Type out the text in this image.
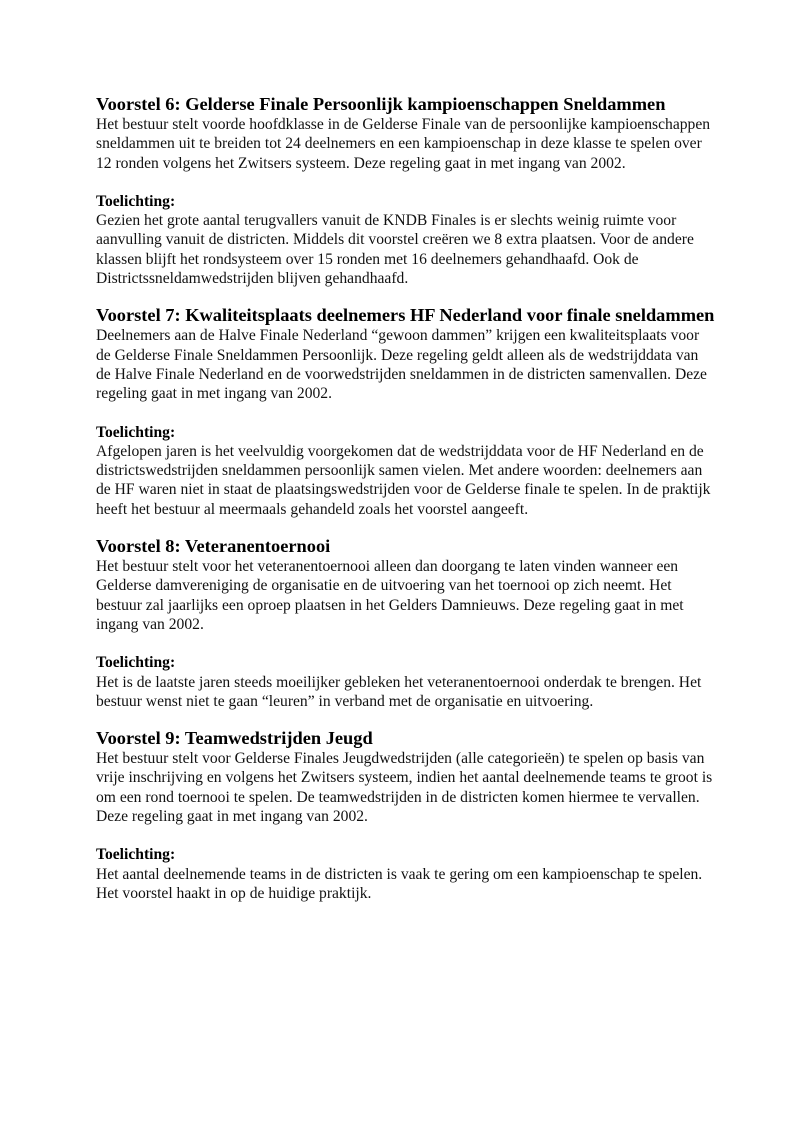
Voorstel 6: Gelderse Finale Persoonlijk kampioenschappen Sneldammen

Het bestuur stelt voorde hoofdklasse in de Gelderse Finale van de persoonlijke kampioenschappen sneldammen uit te breiden tot 24 deelnemers en een kampioenschap in deze klasse te spelen over 12 ronden volgens het Zwitsers systeem. Deze regeling gaat in met ingang van 2002.

Toelichting:

Gezien het grote aantal terugvallers vanuit de KNDB Finales is er slechts weinig ruimte voor aanvulling vanuit de districten. Middels dit voorstel creëren we 8 extra plaatsen. Voor de andere klassen blijft het rondsysteem over 15 ronden met 16 deelnemers gehandhaafd. Ook de Districtssneldamwedstrijden blijven gehandhaafd.

Voorstel 7: Kwaliteitsplaats deelnemers HF Nederland voor finale sneldammen

Deelnemers aan de Halve Finale Nederland “gewoon dammen” krijgen een kwaliteitsplaats voor de Gelderse Finale Sneldammen Persoonlijk. Deze regeling geldt alleen als de wedstrijddata van de Halve Finale Nederland en de voorwedstrijden sneldammen in de districten samenvallen. Deze regeling gaat in met ingang van 2002.

Toelichting:

Afgelopen jaren is het veelvuldig voorgekomen dat de wedstrijddata voor de HF Nederland en de districtswedstrijden sneldammen persoonlijk samen vielen. Met andere woorden: deelnemers aan de HF waren niet in staat de plaatsingswedstrijden voor de Gelderse finale te spelen. In de praktijk heeft het bestuur al meermaals gehandeld zoals het voorstel aangeeft.

Voorstel 8: Veteranentoernooi

Het bestuur stelt voor het veteranentoernooi alleen dan doorgang te laten vinden wanneer een Gelderse damvereniging de organisatie en de uitvoering van het toernooi op zich neemt. Het bestuur zal jaarlijks een oproep plaatsen in het Gelders Damnieuws. Deze regeling gaat in met ingang van 2002.

Toelichting:

Het is de laatste jaren steeds moeilijker gebleken het veteranentoernooi onderdak te brengen. Het bestuur wenst niet te gaan “leuren” in verband met de organisatie en uitvoering.

Voorstel 9: Teamwedstrijden Jeugd

Het bestuur stelt voor Gelderse Finales Jeugdwedstrijden (alle categorieën) te spelen op basis van vrije inschrijving en volgens het Zwitsers systeem, indien het aantal deelnemende teams te groot is om een rond toernooi te spelen. De teamwedstrijden in de districten komen hiermee te vervallen. Deze regeling gaat in met ingang van 2002.

Toelichting:

Het aantal deelnemende teams in de districten is vaak te gering om een kampioenschap te spelen. Het voorstel haakt in op de huidige praktijk.
